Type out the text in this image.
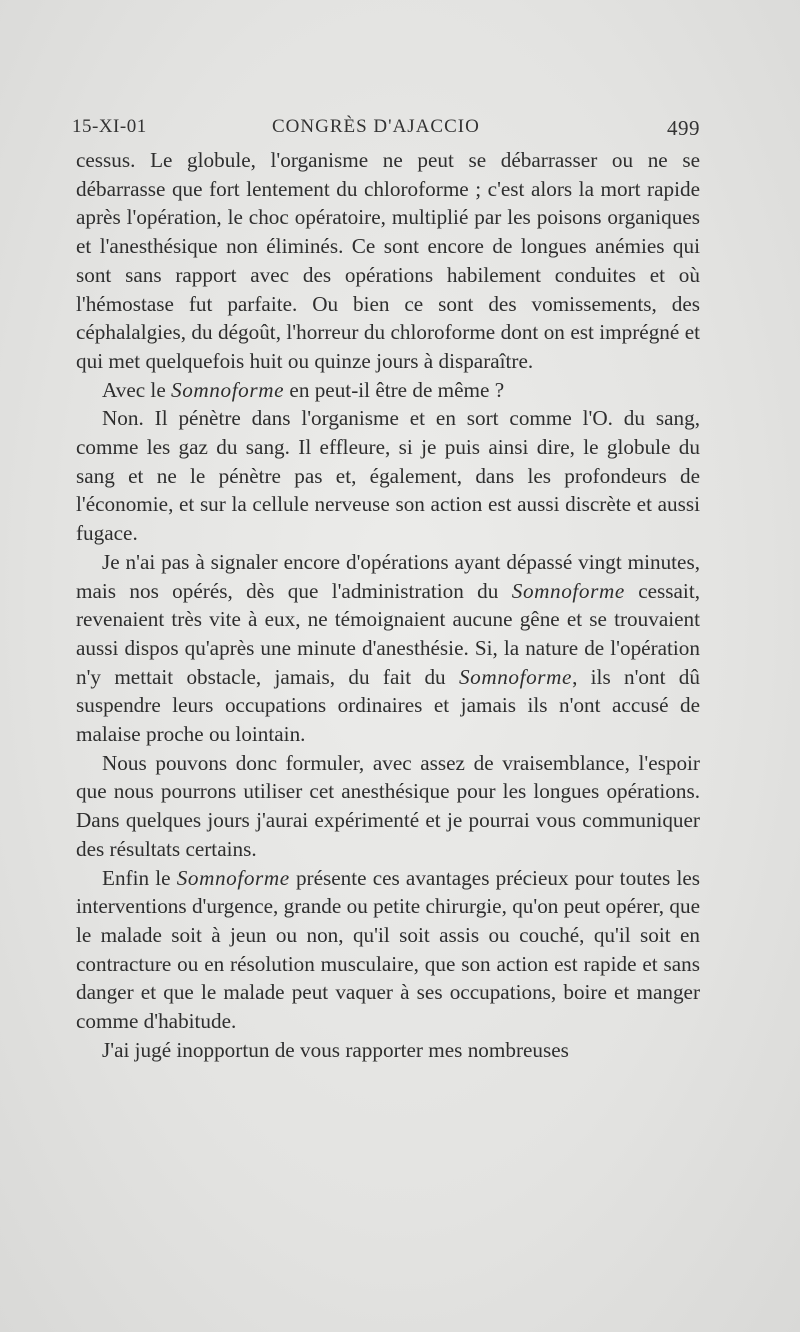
15-XI-01	CONGRÈS D'AJACCIO	499

cessus. Le globule, l'organisme ne peut se débarrasser ou ne se débarrasse que fort lentement du chloroforme ; c'est alors la mort rapide après l'opération, le choc opératoire, multiplié par les poisons organiques et l'anesthésique non éliminés. Ce sont encore de longues anémies qui sont sans rapport avec des opérations habilement conduites et où l'hémostase fut parfaite. Ou bien ce sont des vomissements, des céphalalgies, du dégoût, l'horreur du chloroforme dont on est imprégné et qui met quelquefois huit ou quinze jours à disparaître.

Avec le Somnoforme en peut-il être de même ?

Non. Il pénètre dans l'organisme et en sort comme l'O. du sang, comme les gaz du sang. Il effleure, si je puis ainsi dire, le globule du sang et ne le pénètre pas et, également, dans les profondeurs de l'économie, et sur la cellule nerveuse son action est aussi discrète et aussi fugace.

Je n'ai pas à signaler encore d'opérations ayant dépassé vingt minutes, mais nos opérés, dès que l'administration du Somnoforme cessait, revenaient très vite à eux, ne témoignaient aucune gêne et se trouvaient aussi dispos qu'après une minute d'anesthésie. Si, la nature de l'opération n'y mettait obstacle, jamais, du fait du Somnoforme, ils n'ont dû suspendre leurs occupations ordinaires et jamais ils n'ont accusé de malaise proche ou lointain.

Nous pouvons donc formuler, avec assez de vraisemblance, l'espoir que nous pourrons utiliser cet anesthésique pour les longues opérations. Dans quelques jours j'aurai expérimenté et je pourrai vous communiquer des résultats certains.

Enfin le Somnoforme présente ces avantages précieux pour toutes les interventions d'urgence, grande ou petite chirurgie, qu'on peut opérer, que le malade soit à jeun ou non, qu'il soit assis ou couché, qu'il soit en contracture ou en résolution musculaire, que son action est rapide et sans danger et que le malade peut vaquer à ses occupations, boire et manger comme d'habitude.

J'ai jugé inopportun de vous rapporter mes nombreuses
